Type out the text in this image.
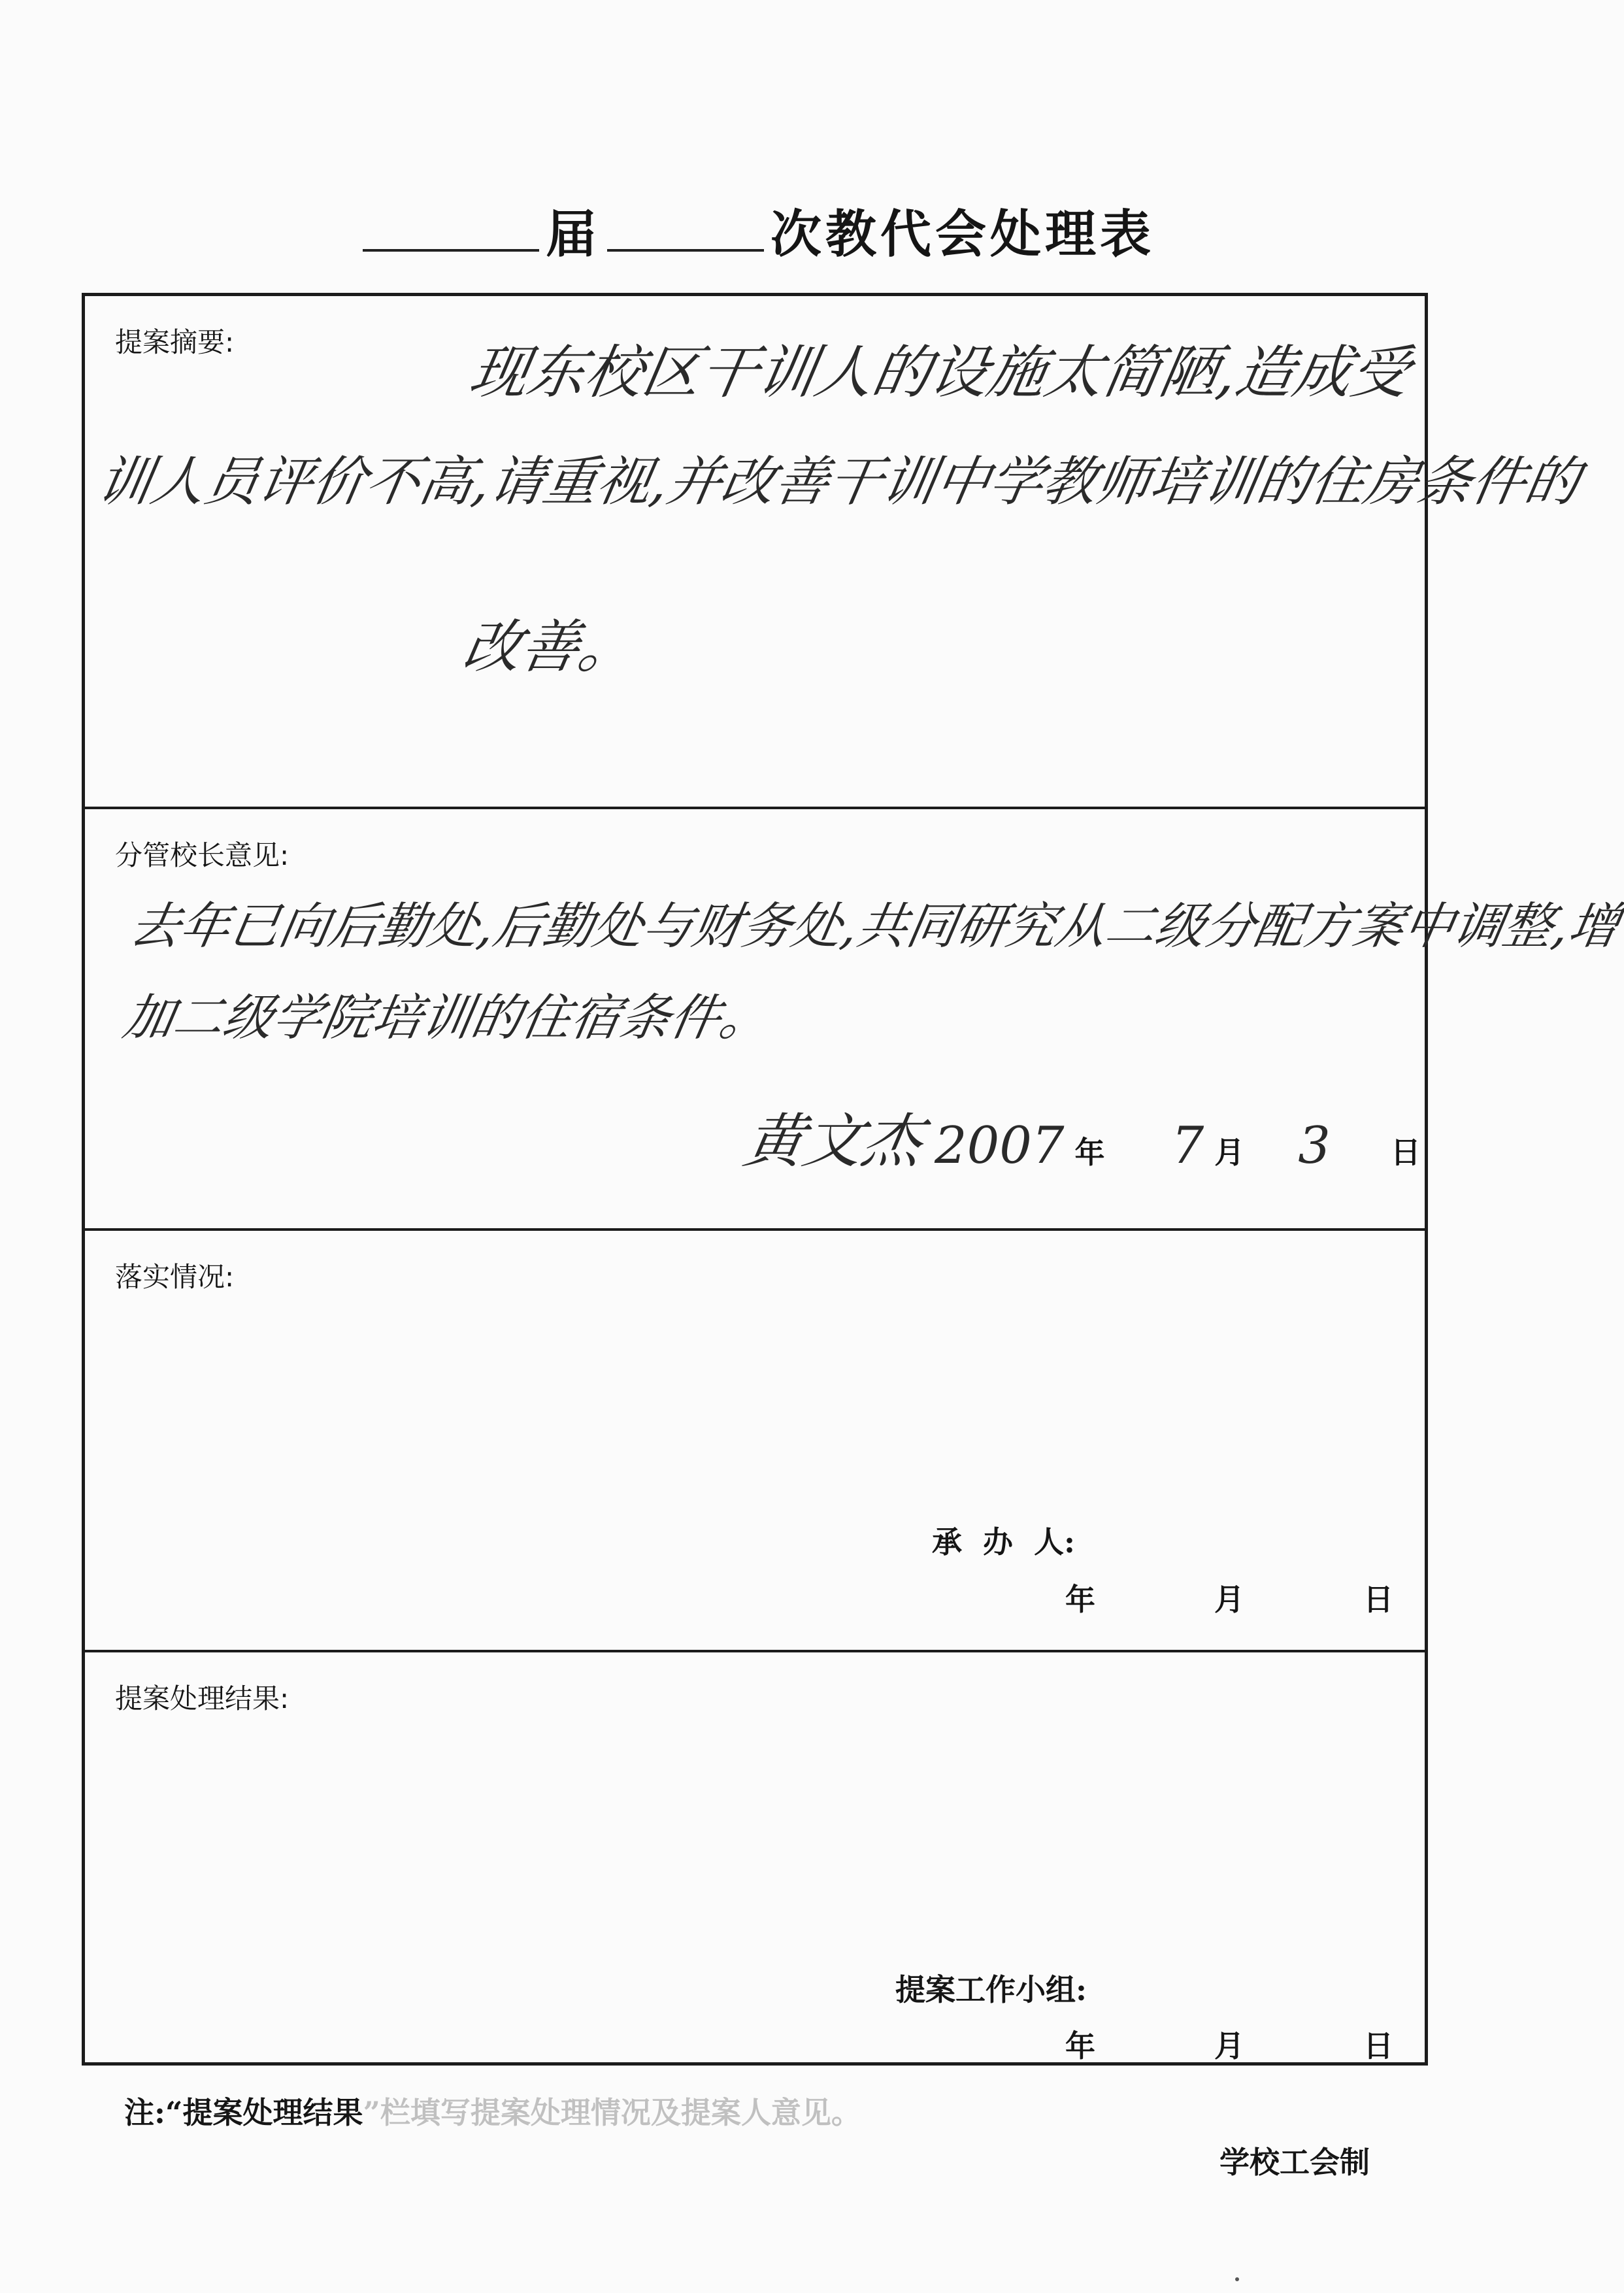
届	次教代会处理表
提案摘要:	现东校区干训人的设施太简陋,造成受
训人员评价不高,请重视,并改善干训中学教师培训的住房条件的
改善。
分管校长意见:
去年已向后勤处,后勤处与财务处,共同研究从二级分配方案中调整,增
加二级学院培训的住宿条件。
黄文杰 2007 年 7 月 3 日
落实情况:
承  办  人:
年	月	日
提案处理结果:
提案工作小组:
年	月	日
注:“提案处理结果”栏填写提案处理情况及提案人意见。
学校工会制
